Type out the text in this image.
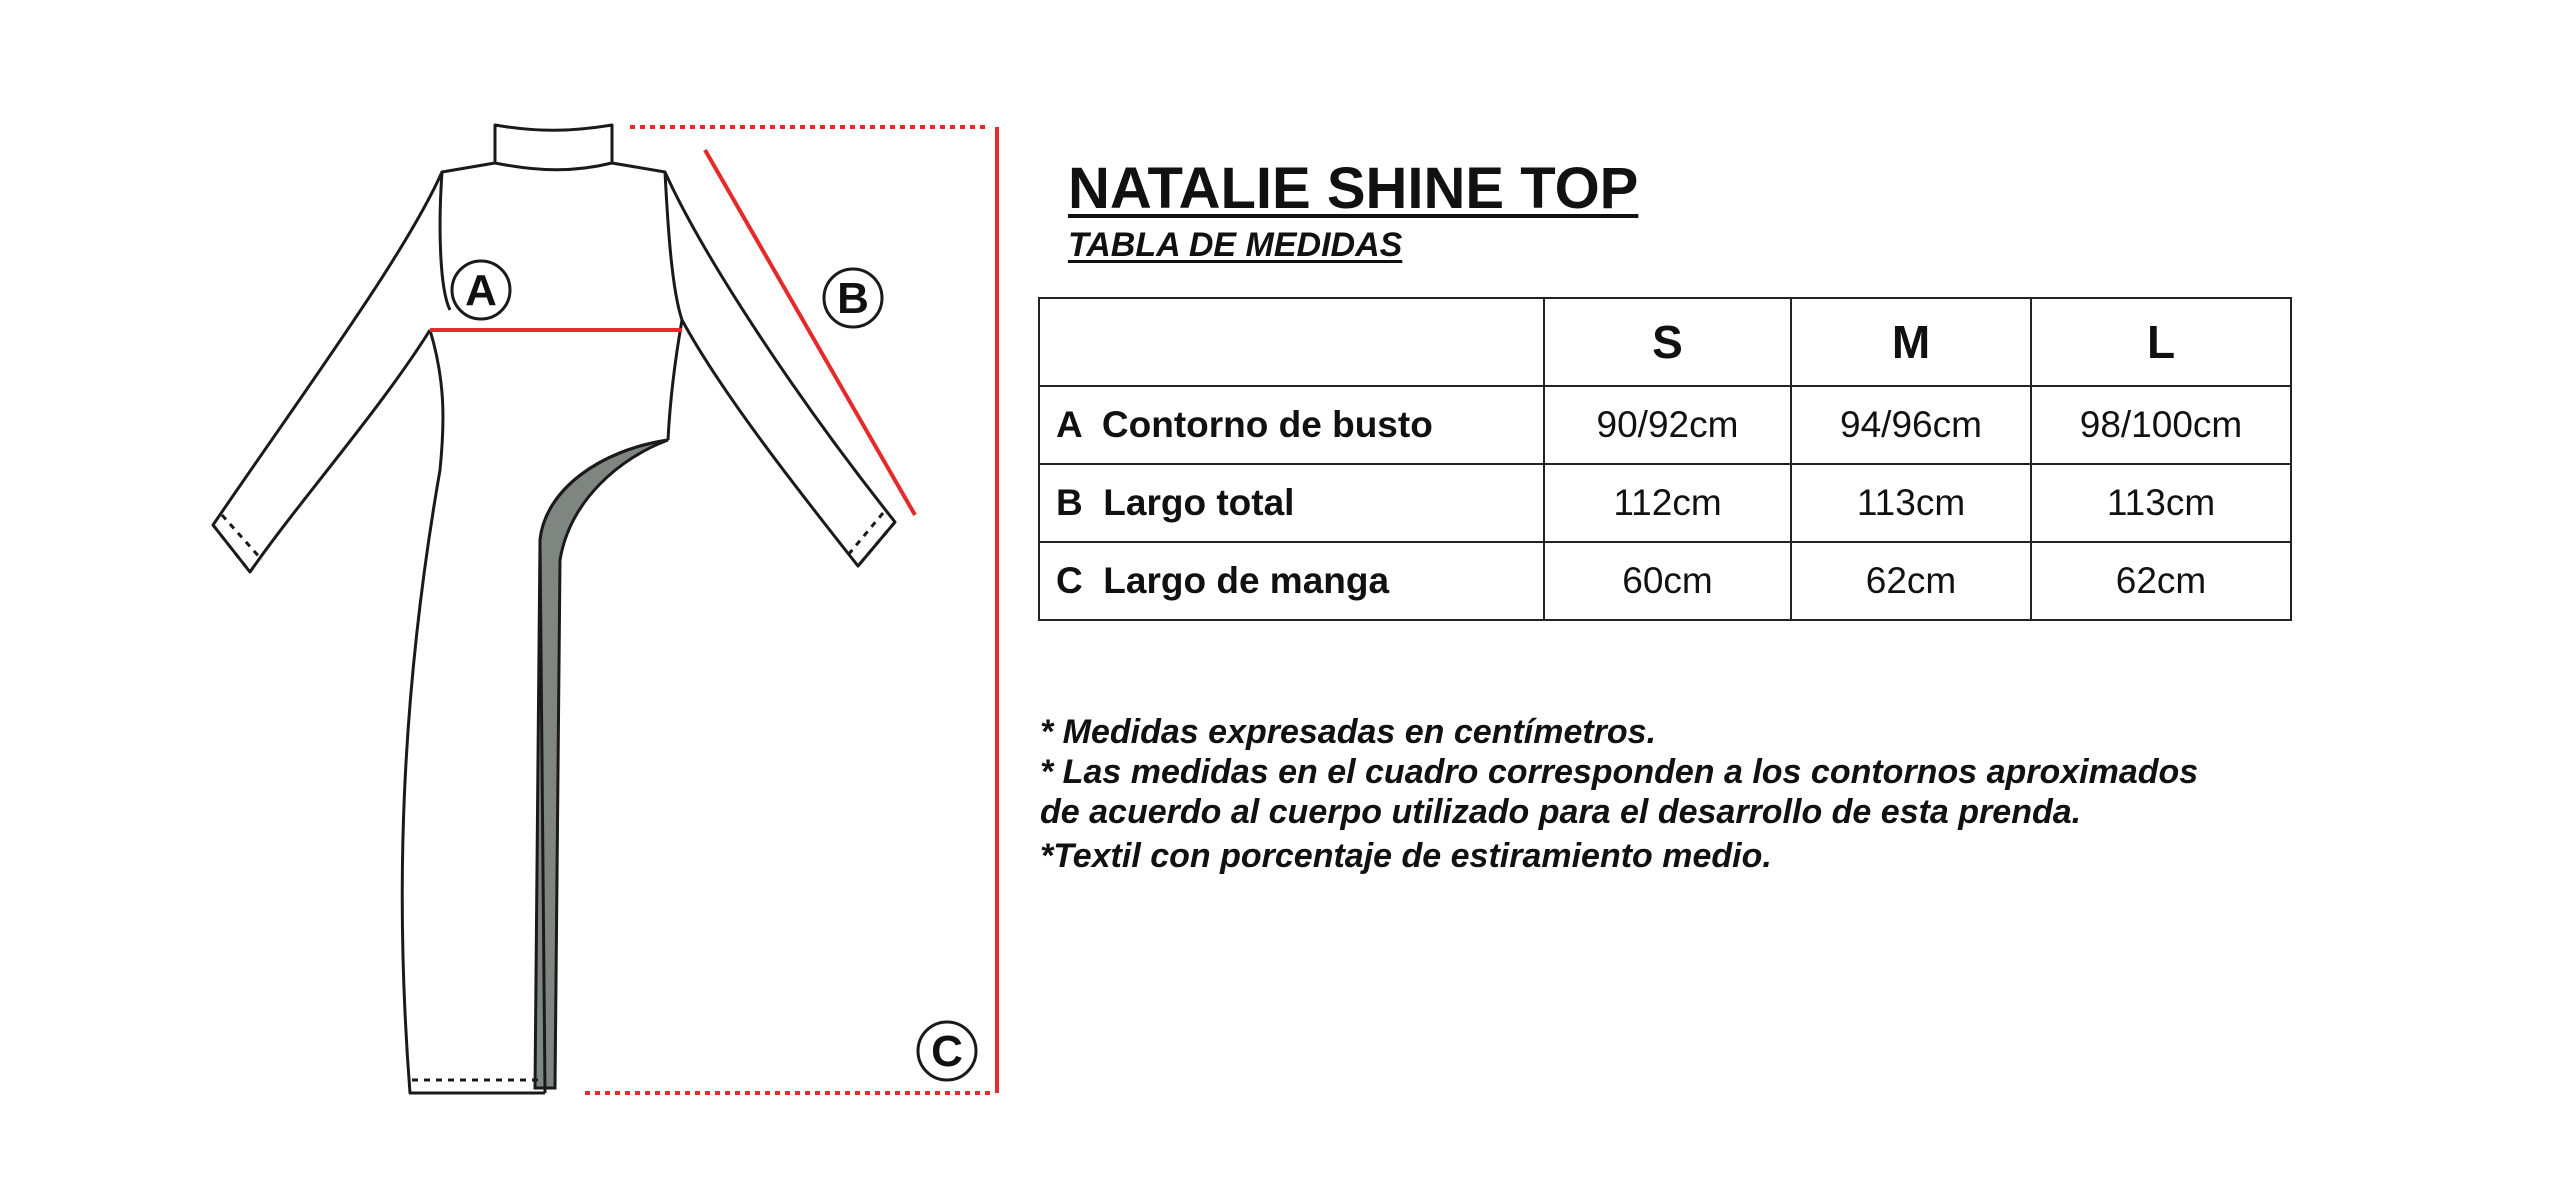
A	B
C
NATALIE SHINE TOP
TABLA DE MEDIDAS
	S	M	L
A  Contorno de busto	90/92cm	94/96cm	98/100cm
B  Largo total	112cm	113cm	113cm
C  Largo de manga	60cm	62cm	62cm

* Medidas expresadas en centímetros.

* Las medidas en el cuadro corresponden a los contornos aproximados de acuerdo al cuerpo utilizado para el desarrollo de esta prenda.

*Textil con porcentaje de estiramiento medio.
